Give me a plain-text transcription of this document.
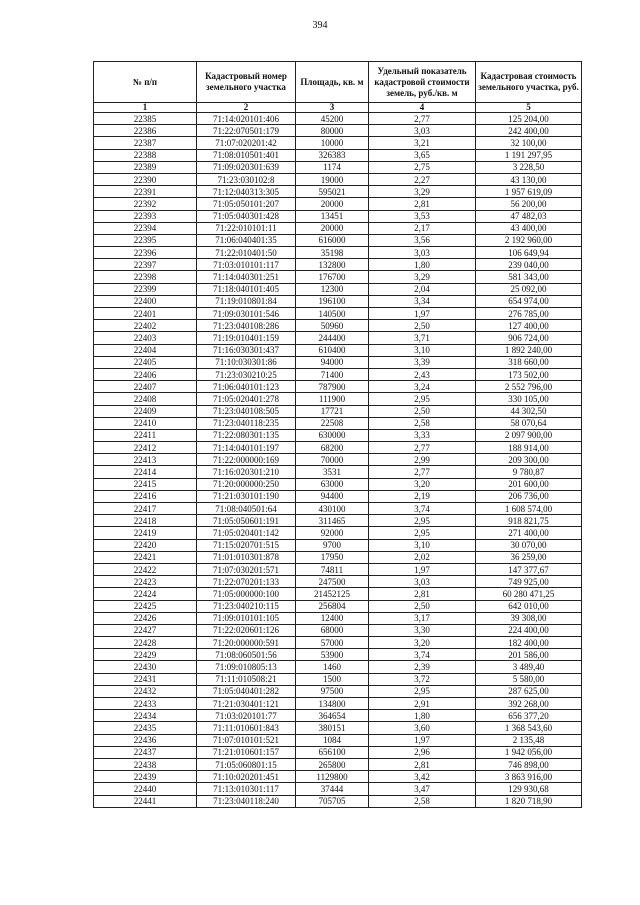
394
№ п/п	Кадастровый номер земельного участка	Площадь, кв. м	Удельный показатель кадастровой стоимости земель, руб./кв. м	Кадастровая стоимость земельного участка, руб.
1	2	3	4	5
22385	71:14:020101:406	45200	2,77	125 204,00
22386	71:22:070501:179	80000	3,03	242 400,00
22387	71:07:020201:42	10000	3,21	32 100,00
22388	71:08:010501:401	326383	3,65	1 191 297,95
22389	71:09:020301:639	1174	2,75	3 228,50
22390	71:23:030102:8	19000	2,27	43 130,00
22391	71:12:040313:305	595021	3,29	1 957 619,09
22392	71:05:050101:207	20000	2,81	56 200,00
22393	71:05:040301:428	13451	3,53	47 482,03
22394	71:22:010101:11	20000	2,17	43 400,00
22395	71:06:040401:35	616000	3,56	2 192 960,00
22396	71:22:010401:50	35198	3,03	106 649,94
22397	71:03:010101:117	132800	1,80	239 040,00
22398	71:14:040301:251	176700	3,29	581 343,00
22399	71:18:040101:405	12300	2,04	25 092,00
22400	71:19:010801:84	196100	3,34	654 974,00
22401	71:09:030101:546	140500	1,97	276 785,00
22402	71:23:040108:286	50960	2,50	127 400,00
22403	71:19:010401:159	244400	3,71	906 724,00
22404	71:16:030301:437	610400	3,10	1 892 240,00
22405	71:10:030301:86	94000	3,39	318 660,00
22406	71:23:030210:25	71400	2,43	173 502,00
22407	71:06:040101:123	787900	3,24	2 552 796,00
22408	71:05:020401:278	111900	2,95	330 105,00
22409	71:23:040108:505	17721	2,50	44 302,50
22410	71:23:040118:235	22508	2,58	58 070,64
22411	71:22:080301:135	630000	3,33	2 097 900,00
22412	71:14:040101:197	68200	2,77	188 914,00
22413	71:22:000000:169	70000	2,99	209 300,00
22414	71:16:020301:210	3531	2,77	9 780,87
22415	71:20:000000:250	63000	3,20	201 600,00
22416	71:21:030101:190	94400	2,19	206 736,00
22417	71:08:040501:64	430100	3,74	1 608 574,00
22418	71:05:050601:191	311465	2,95	918 821,75
22419	71:05:020401:142	92000	2,95	271 400,00
22420	71:15:020701:515	9700	3,10	30 070,00
22421	71:01:010301:878	17950	2,02	36 259,00
22422	71:07:030201:571	74811	1,97	147 377,67
22423	71:22:070201:133	247500	3,03	749 925,00
22424	71:05:000000:100	21452125	2,81	60 280 471,25
22425	71:23:040210:115	256804	2,50	642 010,00
22426	71:09:010101:105	12400	3,17	39 308,00
22427	71:22:020601:126	68000	3,30	224 400,00
22428	71:20:000000:591	57000	3,20	182 400,00
22429	71:08:060501:56	53900	3,74	201 586,00
22430	71:09:010805:13	1460	2,39	3 489,40
22431	71:11:010508:21	1500	3,72	5 580,00
22432	71:05:040401:282	97500	2,95	287 625,00
22433	71:21:030401:121	134800	2,91	392 268,00
22434	71:03:020101:77	364654	1,80	656 377,20
22435	71:11:010601:843	380151	3,60	1 368 543,60
22436	71:07:010101:521	1084	1,97	2 135,48
22437	71:21:010601:157	656100	2,96	1 942 056,00
22438	71:05:060801:15	265800	2,81	746 898,00
22439	71:10:020201:451	1129800	3,42	3 863 916,00
22440	71:13:010301:117	37444	3,47	129 930,68
22441	71:23:040118:240	705705	2,58	1 820 718,90
